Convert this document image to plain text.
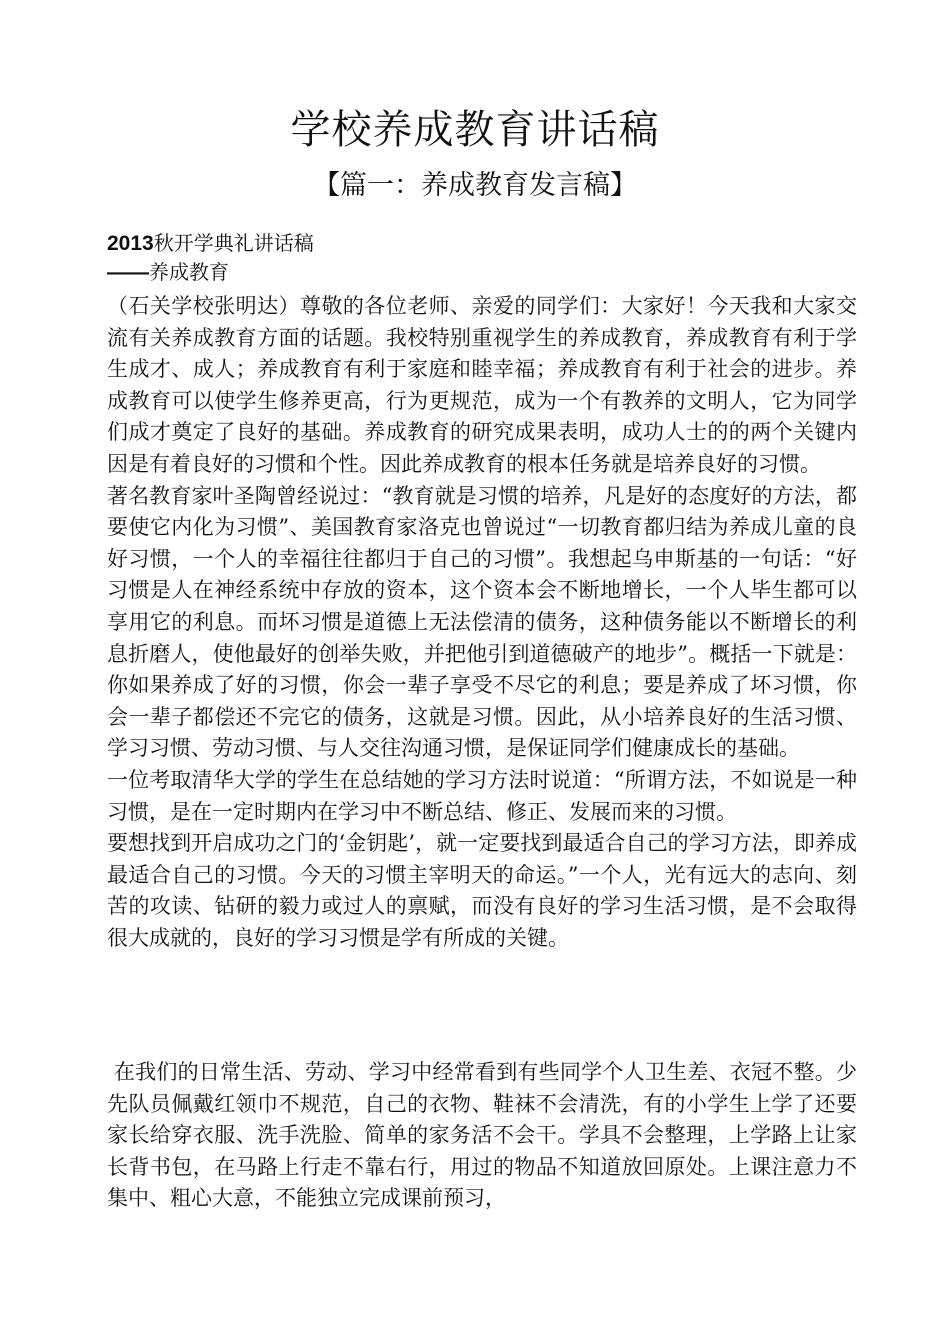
学校养成教育讲话稿
【篇一：养成教育发言稿】
2013秋开学典礼讲话稿
——养成教育

（石关学校张明达）尊敬的各位老师、亲爱的同学们：大家好！今天我和大家交流有关养成教育方面的话题。我校特别重视学生的养成教育，养成教育有利于学生成才、成人；养成教育有利于家庭和睦幸福；养成教育有利于社会的进步。养成教育可以使学生修养更高，行为更规范，成为一个有教养的文明人，它为同学们成才奠定了良好的基础。养成教育的研究成果表明，成功人士的的两个关键内因是有着良好的习惯和个性。因此养成教育的根本任务就是培养良好的习惯。

著名教育家叶圣陶曾经说过：“教育就是习惯的培养，凡是好的态度好的方法，都要使它内化为习惯”、美国教育家洛克也曾说过“一切教育都归结为养成儿童的良好习惯，一个人的幸福往往都归于自己的习惯”。我想起乌申斯基的一句话：“好习惯是人在神经系统中存放的资本，这个资本会不断地增长，一个人毕生都可以享用它的利息。而坏习惯是道德上无法偿清的债务，这种债务能以不断增长的利息折磨人，使他最好的创举失败，并把他引到道德破产的地步”。概括一下就是：你如果养成了好的习惯，你会一辈子享受不尽它的利息；要是养成了坏习惯，你会一辈子都偿还不完它的债务，这就是习惯。因此，从小培养良好的生活习惯、学习习惯、劳动习惯、与人交往沟通习惯，是保证同学们健康成长的基础。

一位考取清华大学的学生在总结她的学习方法时说道：“所谓方法，不如说是一种习惯，是在一定时期内在学习中不断总结、修正、发展而来的习惯。

要想找到开启成功之门的‘金钥匙’，就一定要找到最适合自己的学习方法，即养成最适合自己的习惯。今天的习惯主宰明天的命运。”一个人，光有远大的志向、刻苦的攻读、钻研的毅力或过人的禀赋，而没有良好的学习生活习惯，是不会取得很大成就的，良好的学习习惯是学有所成的关键。

在我们的日常生活、劳动、学习中经常看到有些同学个人卫生差、衣冠不整。少先队员佩戴红领巾不规范，自己的衣物、鞋袜不会清洗，有的小学生上学了还要家长给穿衣服、洗手洗脸、简单的家务活不会干。学具不会整理，上学路上让家长背书包，在马路上行走不靠右行，用过的物品不知道放回原处。上课注意力不集中、粗心大意，不能独立完成课前预习，
